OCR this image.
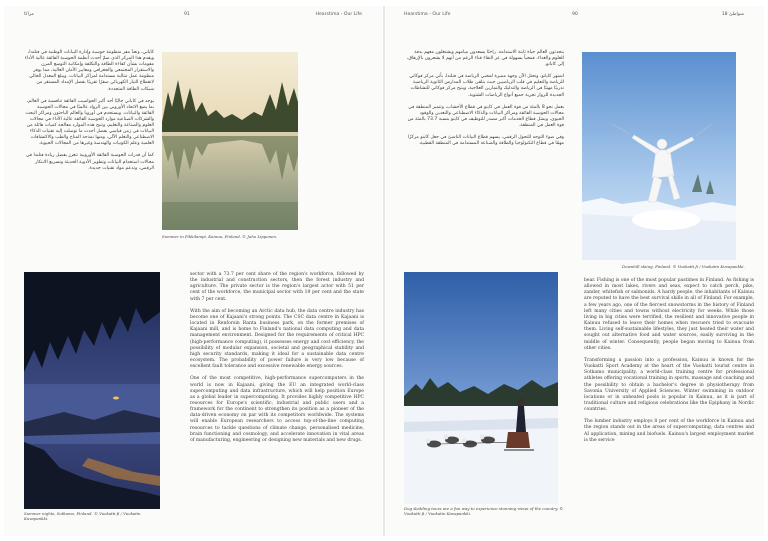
مراكا	91	Hearstima - Our Life

كاياني، وتعدّ مقر منظومة حوسبة وإدارة البيانات الوطنية في فنلندا، ويقدم هذا المركز الذي ضمّ أحدث أنظمة الحوسبة الفائقة عالية الأداء مقومات بشأن كفاءة الطاقة والتكلفة وإمكانية التوسع المرن والاستقرار المجتمعي والجغرافي ومعايير الأمان العالية، مما يوفر منظومة عمل مثالية مستدامة لمراكز البيانات. ويبلغ المعدل الحالي لانقطاع التيار الكهربائي صفرًا تقريبًا بفضل الإمداد المستقر من شبكات الطاقة المتجددة.

يوجد في كاياني حاليًا أحد أكبر الحواسيب الفائقة تنافسية في العالم، بما يضع الاتحاد الأوروبي بين الرواد عالميًا في مجالات الحوسبة الفائقة والبيانات. ويستخدم في أوروبا والعالم الباحثون ومراكز البحث والشركات الصناعية موارد الحوسبة الفائقة عالية الأداء في مجالات العلوم والصناعة والتعليم، وتتيح هذه الموارد معالجة كميات هائلة من البيانات في زمن قياسي بفضل أحدث ما توصلت إليه تقنيات الذكاء الاصطناعي والتعلم الآلي، ومنها نمذجة المناخ والطب والاكتشافات العلمية وعلم الكونيات والهندسة وغيرها من المجالات الحيوية.

كما أن قدرات الحوسبة الفائقة الأوروبية تتعزز بفضل ريادة فنلندا في مجالات استخدام البيانات وتطوير الأدوية الحديثة وتسريع الابتكار الرقمي، وتدعم مواد تقنيات جديدة.

Summer in Pikkilampi, Kainuu, Finland. © Juho Lipponen.
Summer nights, Sotkamo, Finland. © Vuokatti.fi / Vuokatin Kuvapankki.

sector with a 73.7 per cent share of the region's workforce, followed by the industrial and construction sectors, then the forest industry and agriculture. The private sector is the region's largest actor with 51 per cent of the workforce, the municipal sector with 19 per cent and the state with 7 per cent.

With the aim of becoming an Arctic data hub, the data centre industry has become one of Kajaani's strong points. The CSC data centre in Kajaani is located in Renforsin Ranta business park, on the former premises of Kajaani mill, and is home to Finland's national data computing and data management environment. Designed for the requirements of critical HPC (high-performance computing), it possesses energy and cost efficiency, the possibility of modular expansion, societal and geographical stability and high security standards, making it ideal for a sustainable data centre ecosystem. The probability of power failure is very low because of excellent fault tolerance and excessive renewable energy sources.

One of the most competitive, high-performance supercomputers in the world is now in Kajaani, giving the EU an integrated world-class supercomputing and data infrastructure, which will help position Europe as a global leader in supercomputing. It provides highly competitive HPC resources for Europe's scientific, industrial and public users and a framework for the continent to strengthen its position as a pioneer of the data-driven economy on par with its competitors worldwide. The systems will enable European researchers to access top-of-the-line computing resources to tackle questions of climate change, personalised medicine, brain functioning and cosmology, and accelerate innovation in vital areas of manufacturing, engineering or designing new materials and new drugs.

Hearstima - Our Life	90	شواطئ 18

يتحدثون العالم حياة ثابتة الاستدامة. راحبًا يسعدون ميامهم ويشتغلون معهم بدقة للعلوم والغداء، فمحياً بسهولة في عز النقاء قناء الرغم من أنهم لا يشعرون بالإرهاق، إلى كايانو.

اشتهر كايانو، وتحتل الآن وجهة مميزة لمحبي الرياضة في فنلندا، يأتي مركز فوكاتي للرياضة والتعليم في قلب الرياضيين حيث يتلقى طلاب المدارس الثانوية الرياضية تدريبًا مهنيًا في الرياضة والتدليك والتمارين العلاجية، ويتيح مركز فوكاتي للنشاطات الجديدة للزوار تجربة جميع أنواع الرياضات الشتوية.

يعمل نحو 8 بالمئة من قوة العمل في كاينو في قطاع الأخشاب، وتتميز المنطقة في مجالات الحوسبة الفائقة ومراكز البيانات والذكاء الاصطناعي والتعدين والوقود الحيوي، ويمثل قطاع الخدمات أكبر مصدر للتوظيف في كاينو بنسبة 73.7 بالمئة من قوة العمل في المنطقة.

وفي ضوء التوجه للتحول الرقمي، يسهم قطاع البيانات الناشئ في جعل كاينو مركزًا مهمًا في قطاع التكنولوجيا والطاقة والصناعة المستدامة في المنطقة القطبية.

Downhill skiing, Finland. © Vuokatti.fi / Vuokatin Kuvapankki.
Dog sledding tours are a fun way to experience stunning views of the country. © Vuokatti.fi / Vuokatin Kuvapankki.

bear. Fishing is one of the most popular pastimes in Finland. As fishing is allowed in most lakes, rivers and seas, expect to catch perch, pike, zander, whitefish or salmonids. A hardy people, the inhabitants of Kainuu are reputed to have the best survival skills in all of Finland. For example, a few years ago, one of the fiercest snowstorms in the history of Finland left many cities and towns without electricity for weeks. While those living in big cities were terrified, the resilient and innovative people in Kainuu refused to leave their homes when rescuers tried to evacuate them. Living self-sustainable lifestyles, they just heated their water and sought out alternative food and water sources, easily surviving in the middle of winter. Consequently, people began moving to Kainuu from other cities.

Transforming a passion into a profession, Kainuu is known for the Vuokatti Sport Academy at the heart of the Vuokatti tourist centre in Sotkamo municipality, a world-class training centre for professional athletes offering vocational training in sports, massage and coaching and the possibility to obtain a bachelor's degree in physiotherapy from Savonia University of Applied Sciences. Winter swimming in outdoor locations or in unheated pools is popular in Kainuu, as it is part of traditional culture and religious celebrations like the Epiphany in Nordic countries.

The lumber industry employs 8 per cent of the workforce in Kainuu and the region stands out in the areas of supercomputing, data centres and AI application, mining and biofuels. Kainuu's largest employment market is the service
